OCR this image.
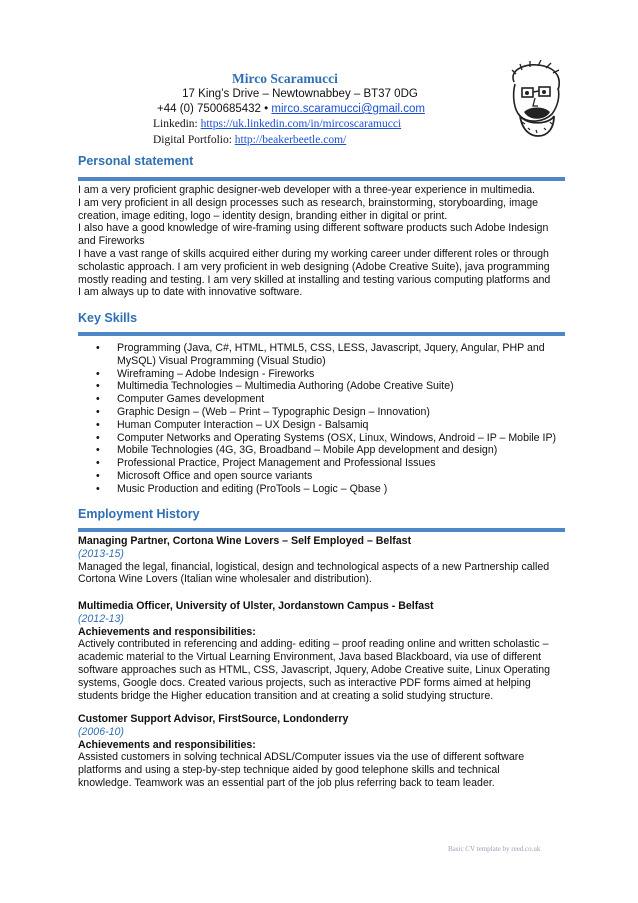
Mirco Scaramucci
17 King’s Drive – Newtownabbey – BT37 0DG
+44 (0) 7500685432 • mirco.scaramucci@gmail.com
Linkedin: https://uk.linkedin.com/in/mircoscaramucci
Digital Portfolio: http://beakerbeetle.com/
Personal statement
I am a very proficient graphic designer-web developer with a three-year experience in multimedia.
I am very proficient in all design processes such as research, brainstorming, storyboarding, image
creation, image editing, logo – identity design, branding either in digital or print.
I also have a good knowledge of wire-framing using different software products such Adobe Indesign
and Fireworks
I have a vast range of skills acquired either during my working career under different roles or through
scholastic approach. I am very proficient in web designing (Adobe Creative Suite), java programming
mostly reading and testing. I am very skilled at installing and testing various computing platforms and
I am always up to date with innovative software.
Key Skills
• Programming (Java, C#, HTML, HTML5, CSS, LESS, Javascript, Jquery, Angular, PHP and MySQL) Visual Programming (Visual Studio)
• Wireframing – Adobe Indesign - Fireworks
• Multimedia Technologies – Multimedia Authoring (Adobe Creative Suite)
• Computer Games development
• Graphic Design – (Web – Print – Typographic Design – Innovation)
• Human Computer Interaction – UX Design - Balsamiq
• Computer Networks and Operating Systems (OSX, Linux, Windows, Android – IP – Mobile IP)
• Mobile Technologies (4G, 3G, Broadband – Mobile App development and design)
• Professional Practice, Project Management and Professional Issues
• Microsoft Office and open source variants
• Music Production and editing (ProTools – Logic – Qbase )
Employment History
Managing Partner, Cortona Wine Lovers – Self Employed – Belfast
(2013-15)
Managed the legal, financial, logistical, design and technological aspects of a new Partnership called
Cortona Wine Lovers (Italian wine wholesaler and distribution).
Multimedia Officer, University of Ulster, Jordanstown Campus - Belfast
(2012-13)
Achievements and responsibilities:
Actively contributed in referencing and adding- editing – proof reading online and written scholastic –
academic material to the Virtual Learning Environment, Java based Blackboard, via use of different
software approaches such as HTML, CSS, Javascript, Jquery, Adobe Creative suite, Linux Operating
systems, Google docs. Created various projects, such as interactive PDF forms aimed at helping
students bridge the Higher education transition and at creating a solid studying structure.
Customer Support Advisor, FirstSource, Londonderry
(2006-10)
Achievements and responsibilities:
Assisted customers in solving technical ADSL/Computer issues via the use of different software
platforms and using a step-by-step technique aided by good telephone skills and technical
knowledge. Teamwork was an essential part of the job plus referring back to team leader.
Basic CV template by reed.co.uk
